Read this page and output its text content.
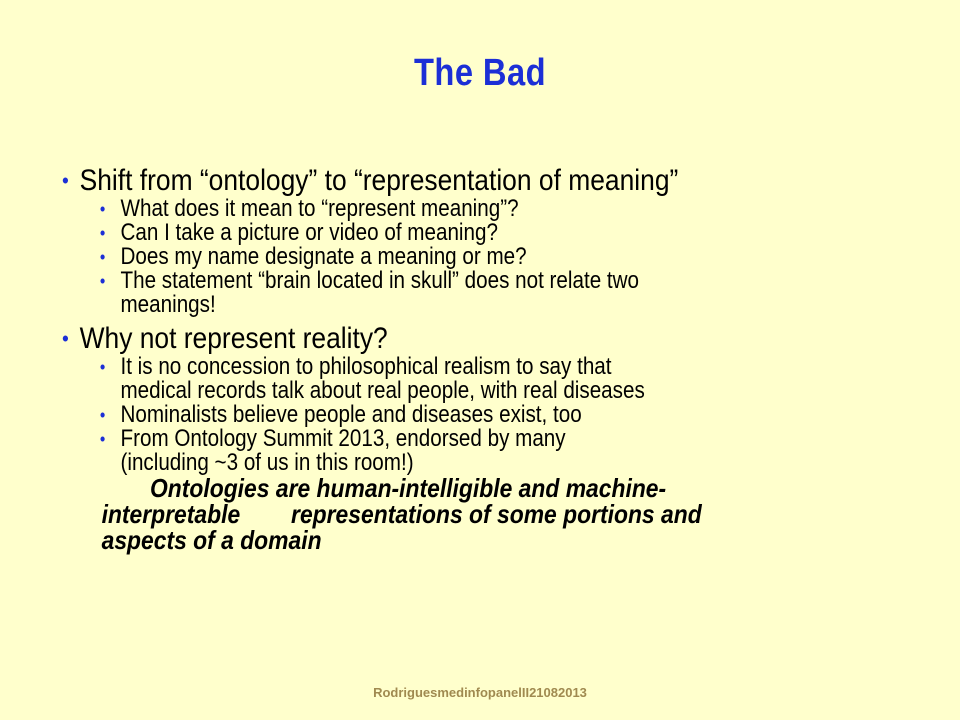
The Bad
• Shift from “ontology” to “representation of meaning”
• What does it mean to “represent meaning”?
• Can I take a picture or video of meaning?
• Does my name designate a meaning or me?
• The statement “brain located in skull” does not relate two
meanings!
• Why not represent reality?
• It is no concession to philosophical realism to say that
medical records talk about real people, with real diseases
• Nominalists believe people and diseases exist, too
• From Ontology Summit 2013, endorsed by many
(including ~3 of us in this room!)
Ontologies are human-intelligible and machine-
interpretable        representations of some portions and
aspects of a domain
RodriguesmedinfopanelII21082013
